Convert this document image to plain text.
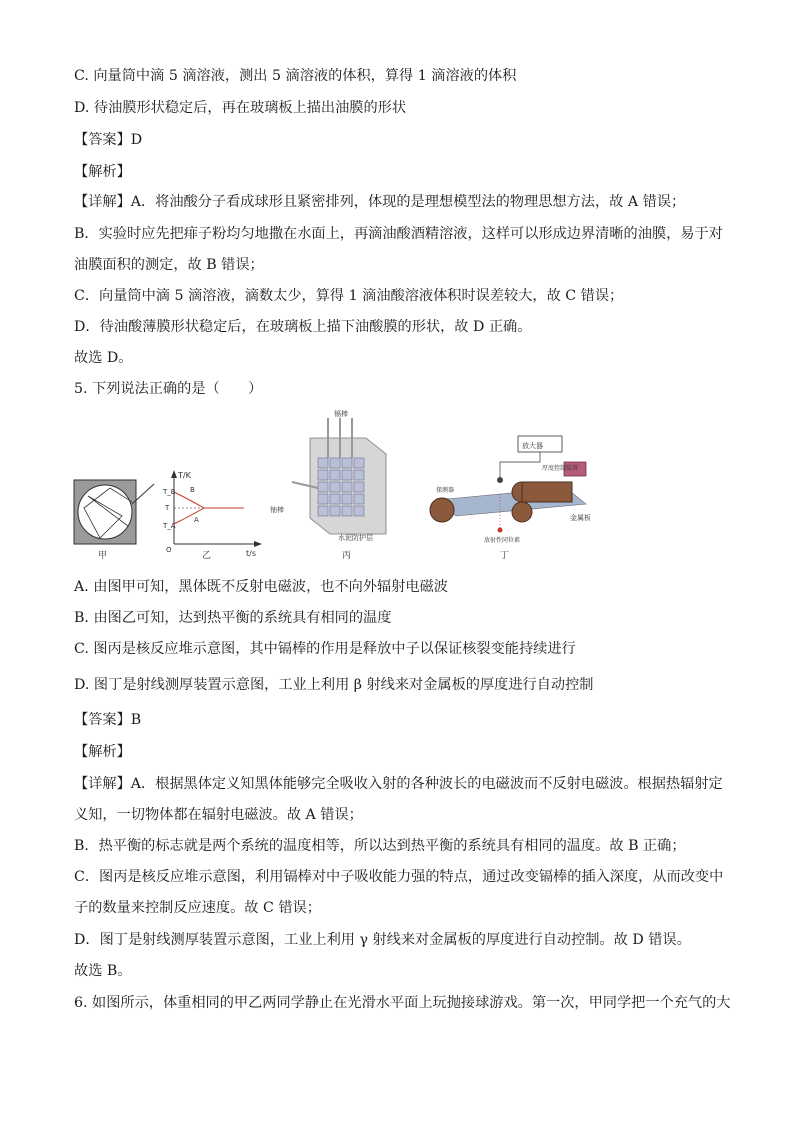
C. 向量筒中滴 5 滴溶液，测出 5 滴溶液的体积，算得 1 滴溶液的体积
D. 待油膜形状稳定后，再在玻璃板上描出油膜的形状
【答案】D
【解析】
【详解】A．将油酸分子看成球形且紧密排列，体现的是理想模型法的物理思想方法，故 A 错误；
B．实验时应先把痱子粉均匀地撒在水面上，再滴油酸酒精溶液，这样可以形成边界清晰的油膜，易于对
油膜面积的测定，故 B 错误；
C．向量筒中滴 5 滴溶液，滴数太少，算得 1 滴油酸溶液体积时误差较大，故 C 错误；
D．待油酸薄膜形状稳定后，在玻璃板上描下油酸膜的形状，故 D 正确。
故选 D。
5. 下列说法正确的是（　　）
甲
T/K
t/s
T_B B
T
T_A
A
O
乙
镉棒
铀棒
水泥防护层
丙
放大器
厚度控制装置
探测器
金属板
放射性同位素
丁
A. 由图甲可知，黑体既不反射电磁波，也不向外辐射电磁波
B. 由图乙可知，达到热平衡的系统具有相同的温度
C. 图丙是核反应堆示意图，其中镉棒的作用是释放中子以保证核裂变能持续进行
D. 图丁是射线测厚装置示意图，工业上利用 β 射线来对金属板的厚度进行自动控制
【答案】B
【解析】
【详解】A．根据黑体定义知黑体能够完全吸收入射的各种波长的电磁波而不反射电磁波。根据热辐射定
义知，一切物体都在辐射电磁波。故 A 错误；
B．热平衡的标志就是两个系统的温度相等，所以达到热平衡的系统具有相同的温度。故 B 正确；
C．图丙是核反应堆示意图，利用镉棒对中子吸收能力强的特点，通过改变镉棒的插入深度，从而改变中
子的数量来控制反应速度。故 C 错误；
D．图丁是射线测厚装置示意图，工业上利用 γ 射线来对金属板的厚度进行自动控制。故 D 错误。
故选 B。
6. 如图所示，体重相同的甲乙两同学静止在光滑水平面上玩抛接球游戏。第一次，甲同学把一个充气的大
